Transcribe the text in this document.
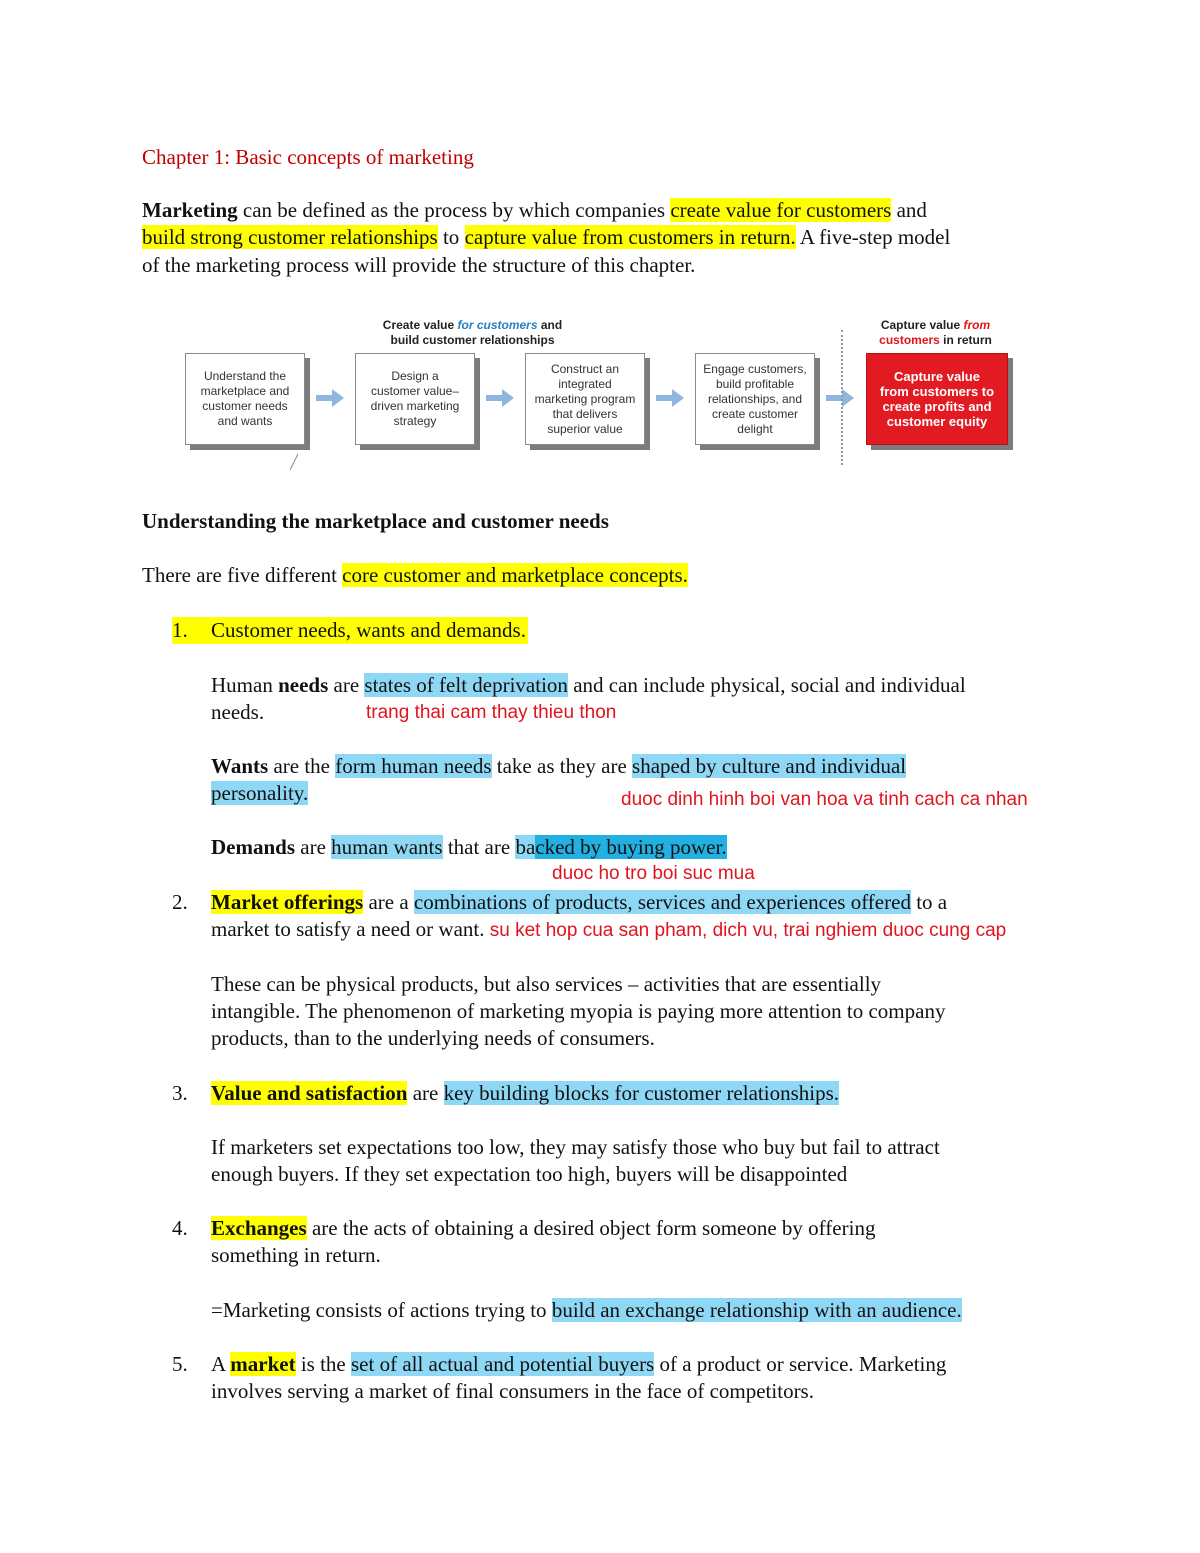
Chapter 1: Basic concepts of marketing
Marketing can be defined as the process by which companies create value for customers and
build strong customer relationships to capture value from customers in return. A five-step model
of the marketing process will provide the structure of this chapter.
Create value for customers and
build customer relationships
Capture value from
customers in return
Understand the
marketplace and
customer needs
and wants
Design a
customer value–
driven marketing
strategy
Construct an
integrated
marketing program
that delivers
superior value
Engage customers,
build profitable
relationships, and
create customer
delight
Capture value
from customers to
create profits and
customer equity
Understanding the marketplace and customer needs
There are five different core customer and marketplace concepts.
1. Customer needs, wants and demands.
Human needs are states of felt deprivation and can include physical, social and individual
needs.	trang thai cam thay thieu thon
Wants are the form human needs take as they are shaped by culture and individual
personality.	duoc dinh hinh boi van hoa va tinh cach ca nhan
Demands are human wants that are backed by buying power.
duoc ho tro boi suc mua
2. Market offerings are a combinations of products, services and experiences offered to a
market to satisfy a need or want. su ket hop cua san pham, dich vu, trai nghiem duoc cung cap
These can be physical products, but also services – activities that are essentially
intangible. The phenomenon of marketing myopia is paying more attention to company
products, than to the underlying needs of consumers.
3. Value and satisfaction are key building blocks for customer relationships.
If marketers set expectations too low, they may satisfy those who buy but fail to attract
enough buyers. If they set expectation too high, buyers will be disappointed
4. Exchanges are the acts of obtaining a desired object form someone by offering
something in return.
=Marketing consists of actions trying to build an exchange relationship with an audience.
5. A market is the set of all actual and potential buyers of a product or service. Marketing
involves serving a market of final consumers in the face of competitors.
